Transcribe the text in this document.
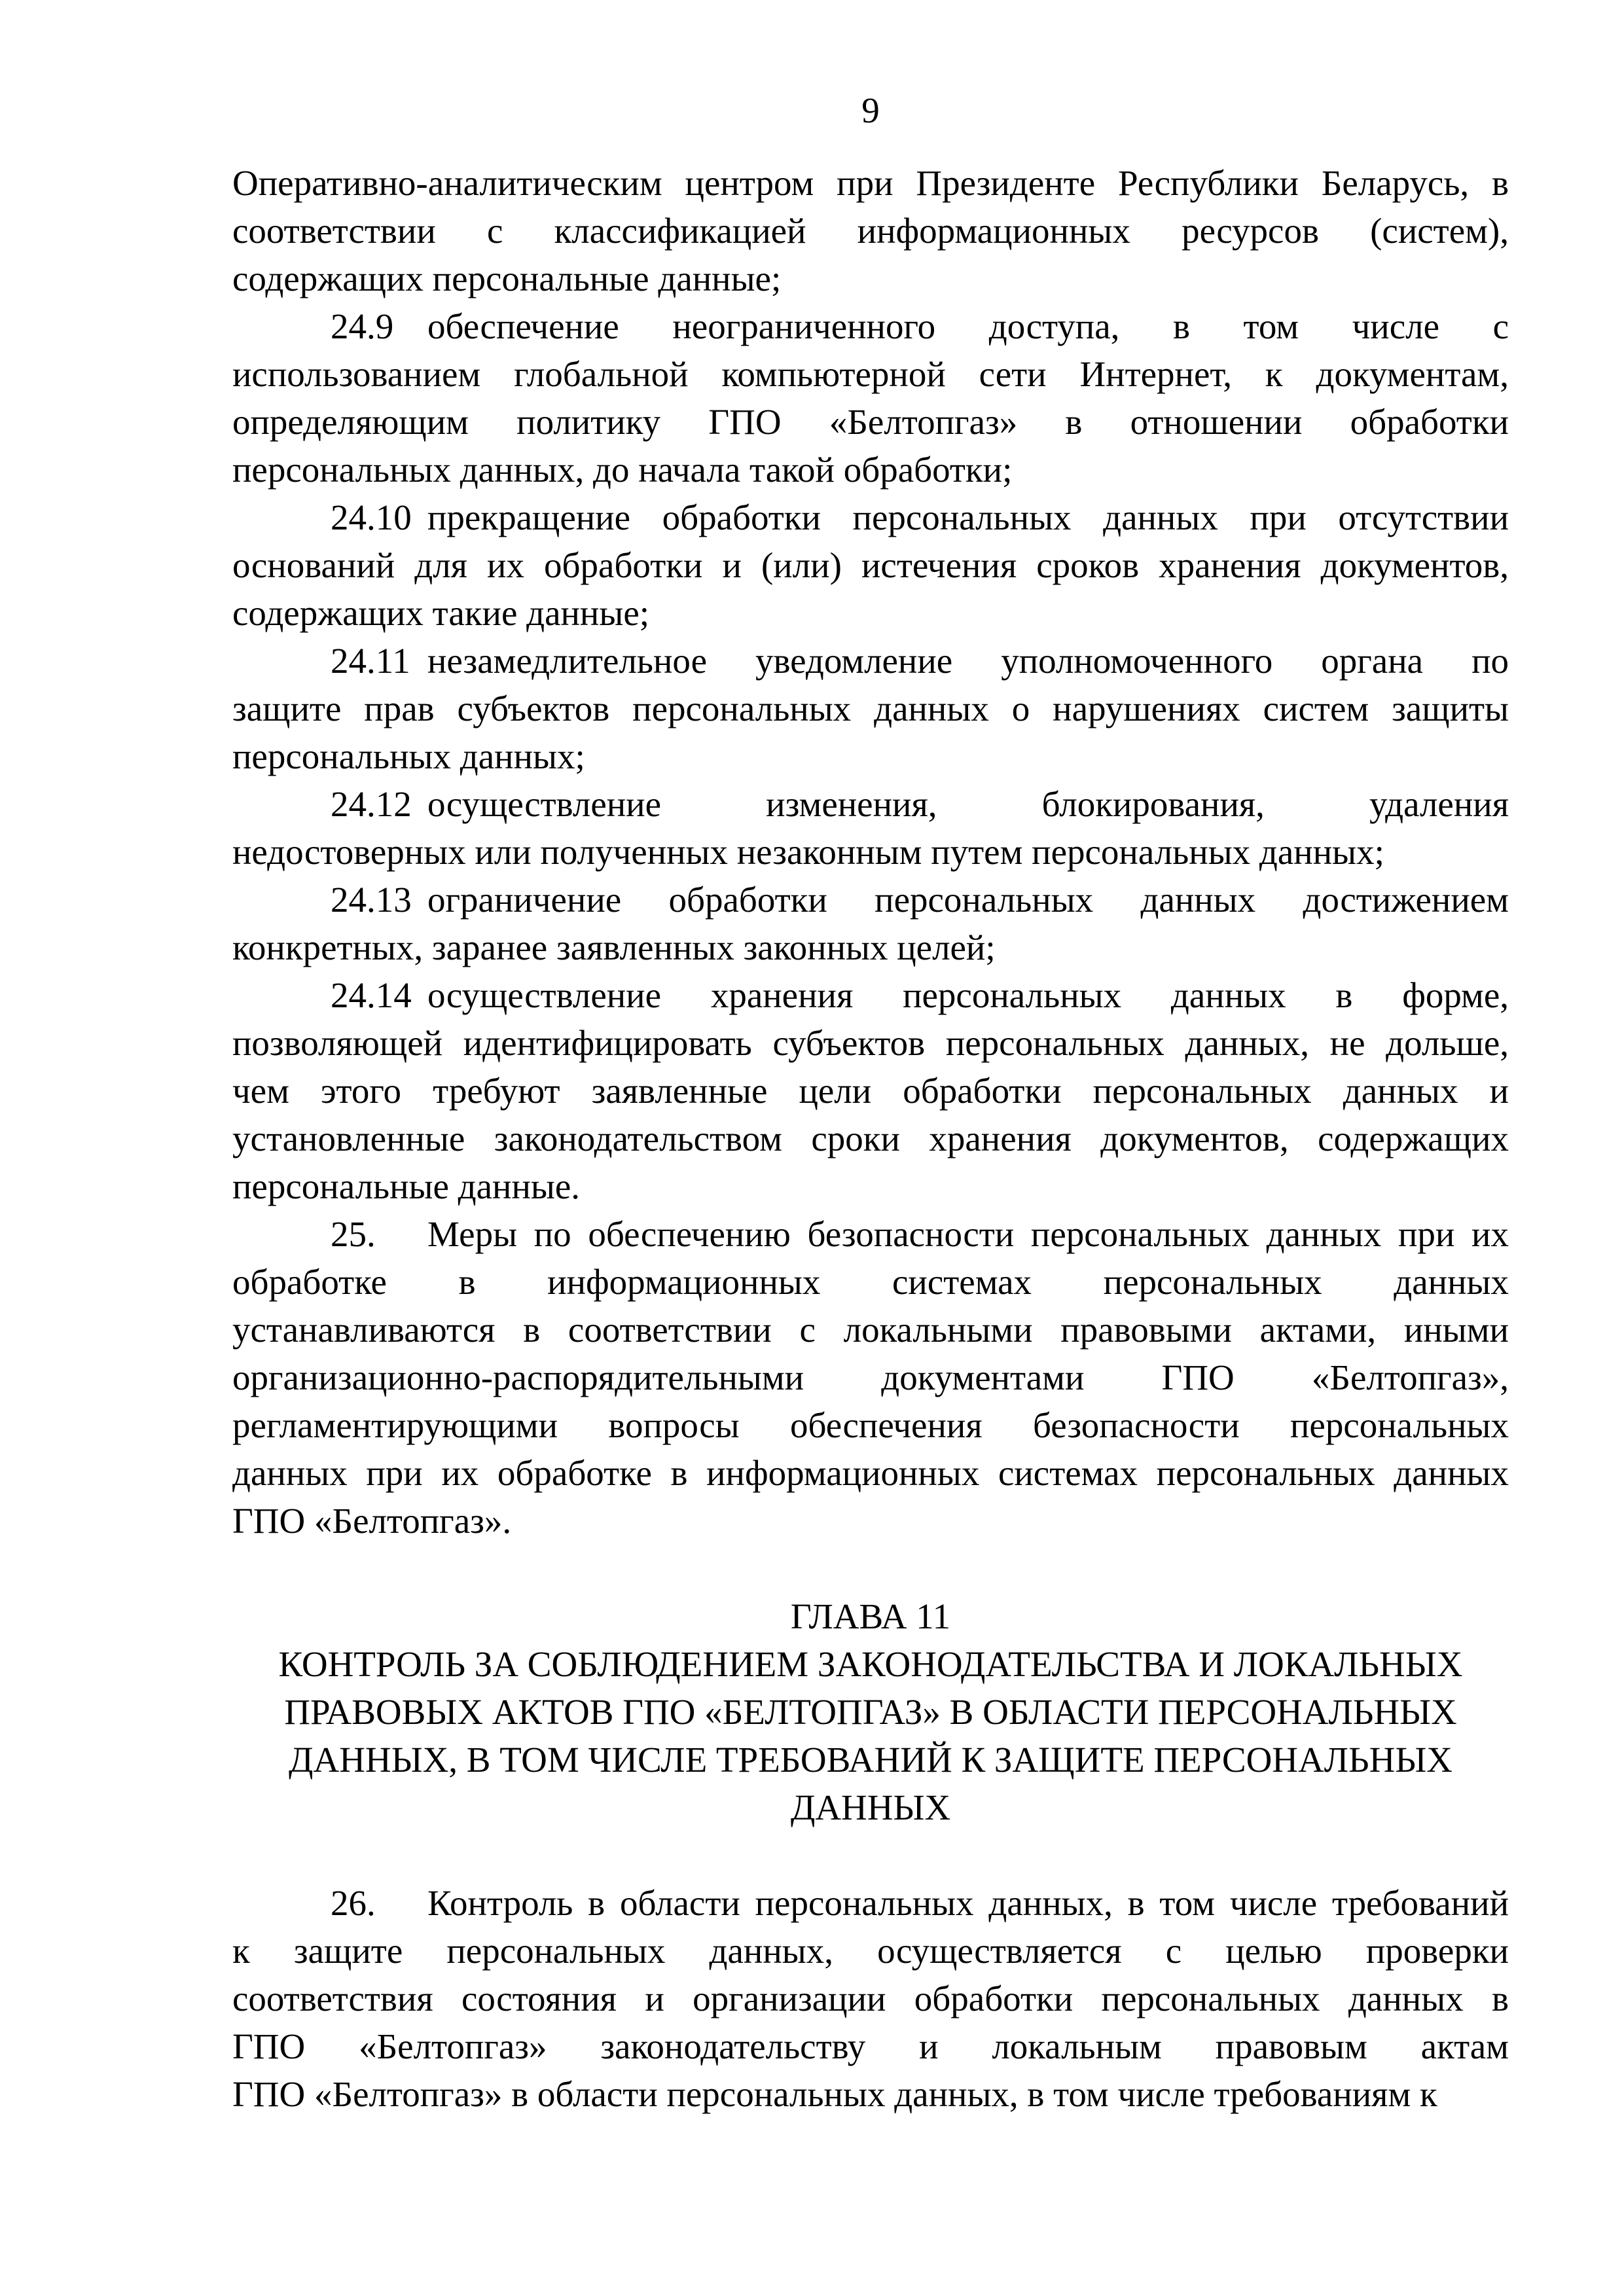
9
Оперативно-аналитическим центром при Президенте Республики Беларусь, в
соответствии с классификацией информационных ресурсов (систем),
содержащих персональные данные;
24.9 обеспечение неограниченного доступа, в том числе с
использованием глобальной компьютерной сети Интернет, к документам,
определяющим политику ГПО «Белтопгаз» в отношении обработки
персональных данных, до начала такой обработки;
24.10 прекращение обработки персональных данных при отсутствии
оснований для их обработки и (или) истечения сроков хранения документов,
содержащих такие данные;
24.11 незамедлительное уведомление уполномоченного органа по
защите прав субъектов персональных данных о нарушениях систем защиты
персональных данных;
24.12 осуществление изменения, блокирования, удаления
недостоверных или полученных незаконным путем персональных данных;
24.13 ограничение обработки персональных данных достижением
конкретных, заранее заявленных законных целей;
24.14 осуществление хранения персональных данных в форме,
позволяющей идентифицировать субъектов персональных данных, не дольше,
чем этого требуют заявленные цели обработки персональных данных и
установленные законодательством сроки хранения документов, содержащих
персональные данные.
25. Меры по обеспечению безопасности персональных данных при их
обработке в информационных системах персональных данных
устанавливаются в соответствии с локальными правовыми актами, иными
организационно-распорядительными документами ГПО «Белтопгаз»,
регламентирующими вопросы обеспечения безопасности персональных
данных при их обработке в информационных системах персональных данных
ГПО «Белтопгаз».
ГЛАВА 11
КОНТРОЛЬ ЗА СОБЛЮДЕНИЕМ ЗАКОНОДАТЕЛЬСТВА И ЛОКАЛЬНЫХ
ПРАВОВЫХ АКТОВ ГПО «БЕЛТОПГАЗ» В ОБЛАСТИ ПЕРСОНАЛЬНЫХ
ДАННЫХ, В ТОМ ЧИСЛЕ ТРЕБОВАНИЙ К ЗАЩИТЕ ПЕРСОНАЛЬНЫХ
ДАННЫХ
26. Контроль в области персональных данных, в том числе требований
к защите персональных данных, осуществляется с целью проверки
соответствия состояния и организации обработки персональных данных в
ГПО «Белтопгаз» законодательству и локальным правовым актам
ГПО «Белтопгаз» в области персональных данных, в том числе требованиям к
